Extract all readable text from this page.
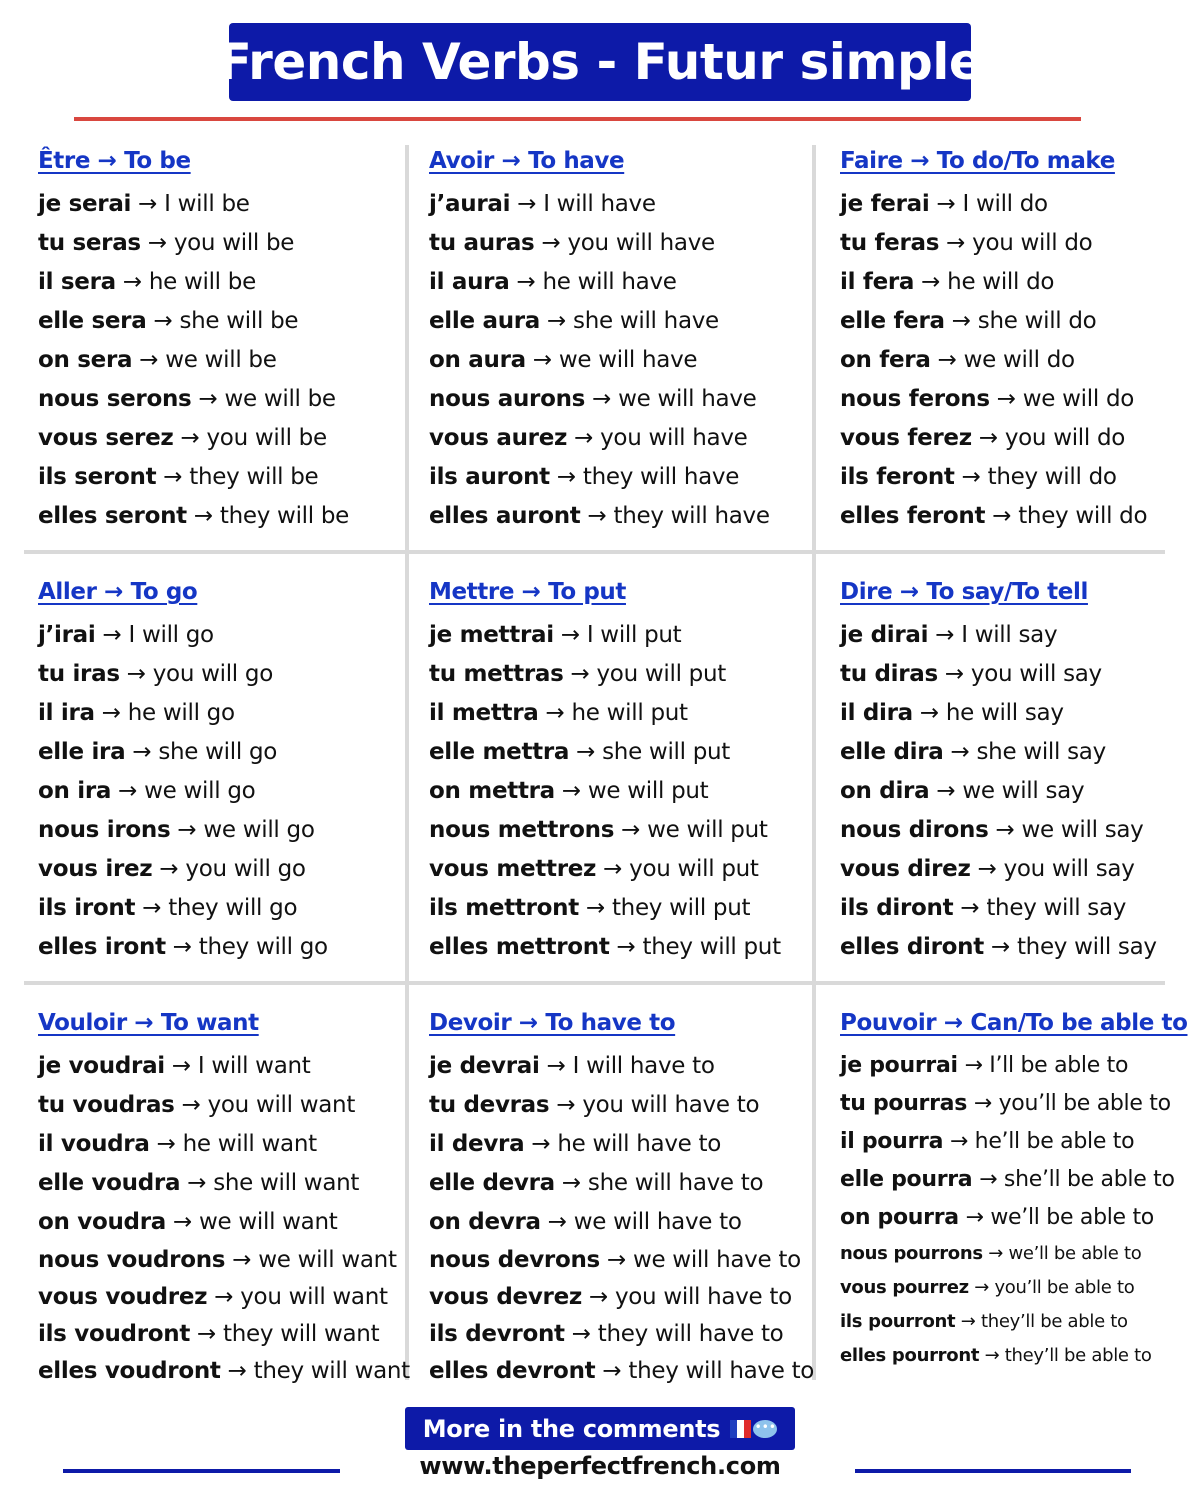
French Verbs - Futur simple
Être → To be
je serai → I will be
tu seras → you will be
il sera → he will be
elle sera → she will be
on sera → we will be
nous serons → we will be
vous serez → you will be
ils seront → they will be
elles seront → they will be
Avoir → To have
j’aurai → I will have
tu auras → you will have
il aura → he will have
elle aura → she will have
on aura → we will have
nous aurons → we will have
vous aurez → you will have
ils auront → they will have
elles auront → they will have
Faire → To do/To make
je ferai → I will do
tu feras → you will do
il fera → he will do
elle fera → she will do
on fera → we will do
nous ferons → we will do
vous ferez → you will do
ils feront → they will do
elles feront → they will do
Aller → To go
j’irai → I will go
tu iras → you will go
il ira → he will go
elle ira → she will go
on ira → we will go
nous irons → we will go
vous irez → you will go
ils iront → they will go
elles iront → they will go
Mettre → To put
je mettrai → I will put
tu mettras → you will put
il mettra → he will put
elle mettra → she will put
on mettra → we will put
nous mettrons → we will put
vous mettrez → you will put
ils mettront → they will put
elles mettront → they will put
Dire → To say/To tell
je dirai → I will say
tu diras → you will say
il dira → he will say
elle dira → she will say
on dira → we will say
nous dirons → we will say
vous direz → you will say
ils diront → they will say
elles diront → they will say
Vouloir → To want
je voudrai → I will want
tu voudras → you will want
il voudra → he will want
elle voudra → she will want
on voudra → we will want
nous voudrons → we will want
vous voudrez → you will want
ils voudront → they will want
elles voudront → they will want
Devoir → To have to
je devrai → I will have to
tu devras → you will have to
il devra → he will have to
elle devra → she will have to
on devra → we will have to
nous devrons → we will have to
vous devrez → you will have to
ils devront → they will have to
elles devront → they will have to
Pouvoir → Can/To be able to
je pourrai → I’ll be able to
tu pourras → you’ll be able to
il pourra → he’ll be able to
elle pourra → she’ll be able to
on pourra → we’ll be able to
nous pourrons → we’ll be able to
vous pourrez → you’ll be able to
ils pourront → they’ll be able to
elles pourront → they’ll be able to
More in the comments	•••
www.theperfectfrench.com
